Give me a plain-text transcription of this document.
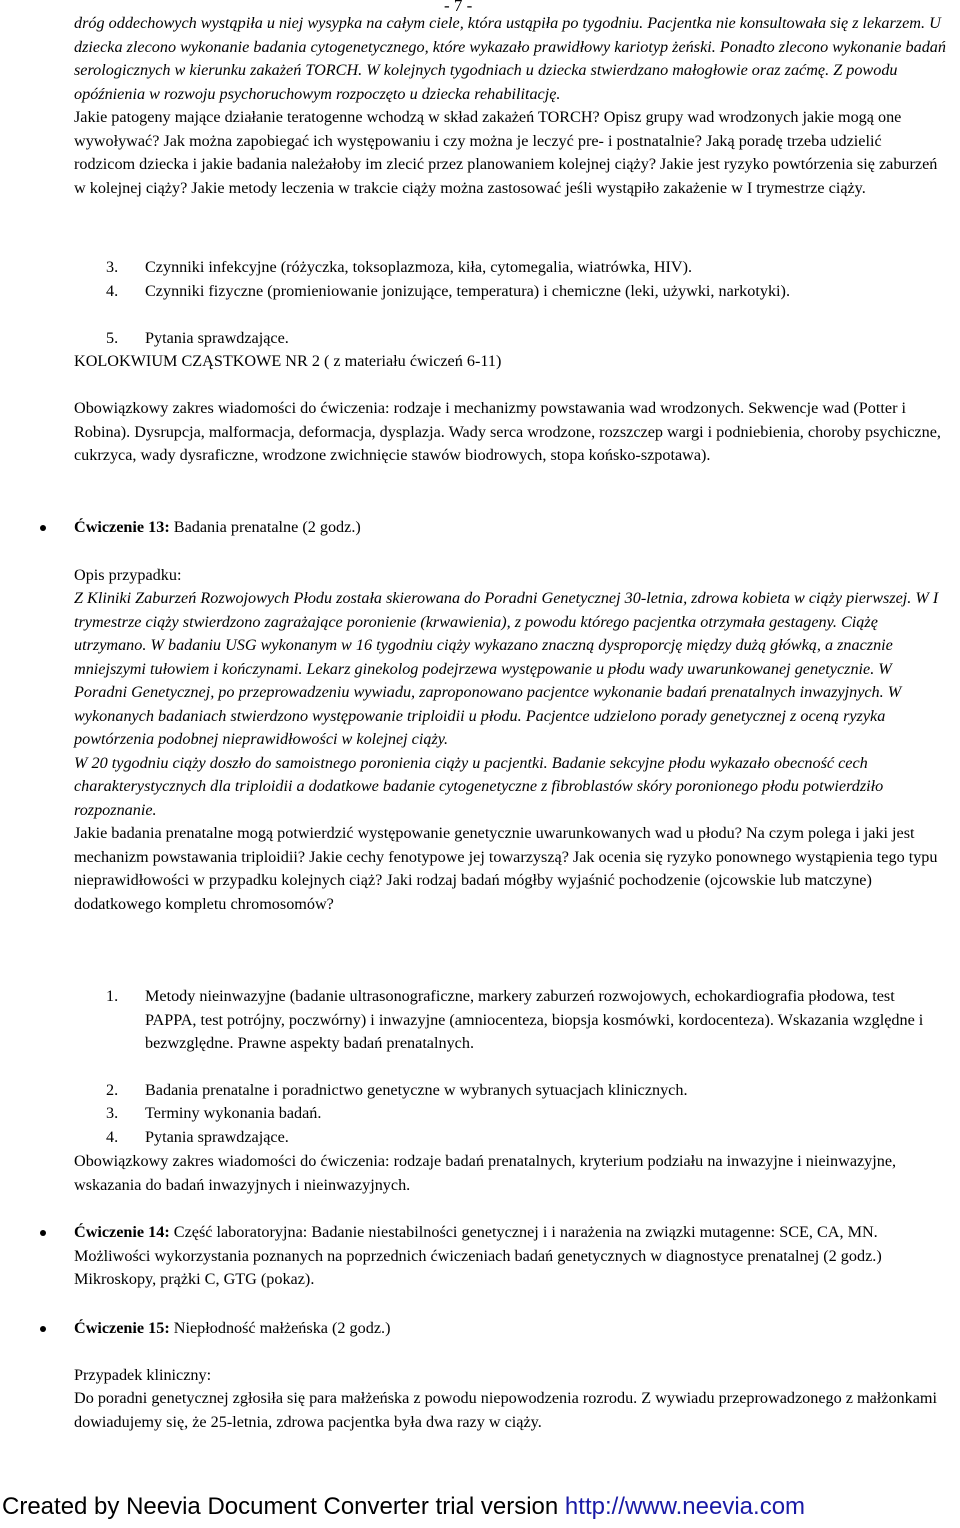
- 7 -

dróg oddechowych wystąpiła u niej wysypka na całym ciele, która ustąpiła po tygodniu. Pacjentka nie konsultowała się z lekarzem. U dziecka zlecono wykonanie badania cytogenetycznego, które wykazało prawidłowy kariotyp żeński. Ponadto zlecono wykonanie badań serologicznych w kierunku zakażeń TORCH. W kolejnych tygodniach u dziecka stwierdzano małogłowie oraz zaćmę. Z powodu opóźnienia w rozwoju psychoruchowym rozpoczęto u dziecka rehabilitację.

Jakie patogeny mające działanie teratogenne wchodzą w skład zakażeń TORCH? Opisz grupy wad wrodzonych jakie mogą one wywoływać? Jak można zapobiegać ich występowaniu i czy można je leczyć pre- i postnatalnie? Jaką poradę trzeba udzielić rodzicom dziecka i jakie badania należałoby im zlecić przez planowaniem kolejnej ciąży? Jakie jest ryzyko powtórzenia się zaburzeń w kolejnej ciąży? Jakie metody leczenia w trakcie ciąży można zastosować jeśli wystąpiło zakażenie w I trymestrze ciąży.

3. Czynniki infekcyjne (różyczka, toksoplazmoza, kiła, cytomegalia, wiatrówka, HIV).
4. Czynniki fizyczne (promieniowanie jonizujące, temperatura) i chemiczne (leki, używki, narkotyki).
5. Pytania sprawdzające.
KOLOKWIUM CZĄSTKOWE NR 2 ( z materiału ćwiczeń 6-11)
Obowiązkowy zakres wiadomości do ćwiczenia: rodzaje i mechanizmy powstawania wad wrodzonych. Sekwencje wad (Potter i Robina). Dysrupcja, malformacja, deformacja, dysplazja. Wady serca wrodzone, rozszczep wargi i podniebienia, choroby psychiczne, cukrzyca, wady dysraficzne, wrodzone zwichnięcie stawów biodrowych, stopa końsko-szpotawa).
Ćwiczenie 13: Badania prenatalne (2 godz.)
Opis przypadku:

Z Kliniki Zaburzeń Rozwojowych Płodu została skierowana do Poradni Genetycznej 30-letnia, zdrowa kobieta w ciąży pierwszej. W I trymestrze ciąży stwierdzono zagrażające poronienie (krwawienia), z powodu którego pacjentka otrzymała gestageny. Ciążę utrzymano. W badaniu USG wykonanym w 16 tygodniu ciąży wykazano znaczną dysproporcję między dużą główką, a znacznie mniejszymi tułowiem i kończynami. Lekarz ginekolog podejrzewa występowanie u płodu wady uwarunkowanej genetycznie. W Poradni Genetycznej, po przeprowadzeniu wywiadu, zaproponowano pacjentce wykonanie badań prenatalnych inwazyjnych. W wykonanych badaniach stwierdzono występowanie triploidii u płodu. Pacjentce udzielono porady genetycznej z oceną ryzyka powtórzenia podobnej nieprawidłowości w kolejnej ciąży.

W 20 tygodniu ciąży doszło do samoistnego poronienia ciąży u pacjentki. Badanie sekcyjne płodu wykazało obecność cech charakterystycznych dla triploidii a dodatkowe badanie cytogenetyczne z fibroblastów skóry poronionego płodu potwierdziło rozpoznanie.

Jakie badania prenatalne mogą potwierdzić występowanie genetycznie uwarunkowanych wad u płodu? Na czym polega i jaki jest mechanizm powstawania triploidii? Jakie cechy fenotypowe jej towarzyszą? Jak ocenia się ryzyko ponownego wystąpienia tego typu nieprawidłowości w przypadku kolejnych ciąż? Jaki rodzaj badań mógłby wyjaśnić pochodzenie (ojcowskie lub matczyne) dodatkowego kompletu chromosomów?

1. Metody nieinwazyjne (badanie ultrasonograficzne, markery zaburzeń rozwojowych, echokardiografia płodowa, test PAPPA, test potrójny, poczwórny) i inwazyjne (amniocenteza, biopsja kosmówki, kordocenteza). Wskazania względne i bezwzględne. Prawne aspekty badań prenatalnych.
2. Badania prenatalne i poradnictwo genetyczne w wybranych sytuacjach klinicznych.
3. Terminy wykonania badań.
4. Pytania sprawdzające.
Obowiązkowy zakres wiadomości do ćwiczenia: rodzaje badań prenatalnych, kryterium podziału na inwazyjne i nieinwazyjne, wskazania do badań inwazyjnych i nieinwazyjnych.
Ćwiczenie 14: Część laboratoryjna: Badanie niestabilności genetycznej i i narażenia na związki mutagenne: SCE, CA, MN. Możliwości wykorzystania poznanych na poprzednich ćwiczeniach badań genetycznych w diagnostyce prenatalnej (2 godz.) Mikroskopy, prążki C, GTG (pokaz).
Ćwiczenie 15: Niepłodność małżeńska (2 godz.)
Przypadek kliniczny:
Do poradni genetycznej zgłosiła się para małżeńska z powodu niepowodzenia rozrodu. Z wywiadu przeprowadzonego z małżonkami dowiadujemy się, że 25-letnia, zdrowa pacjentka była dwa razy w ciąży.
Created by Neevia Document Converter trial version http://www.neevia.com
